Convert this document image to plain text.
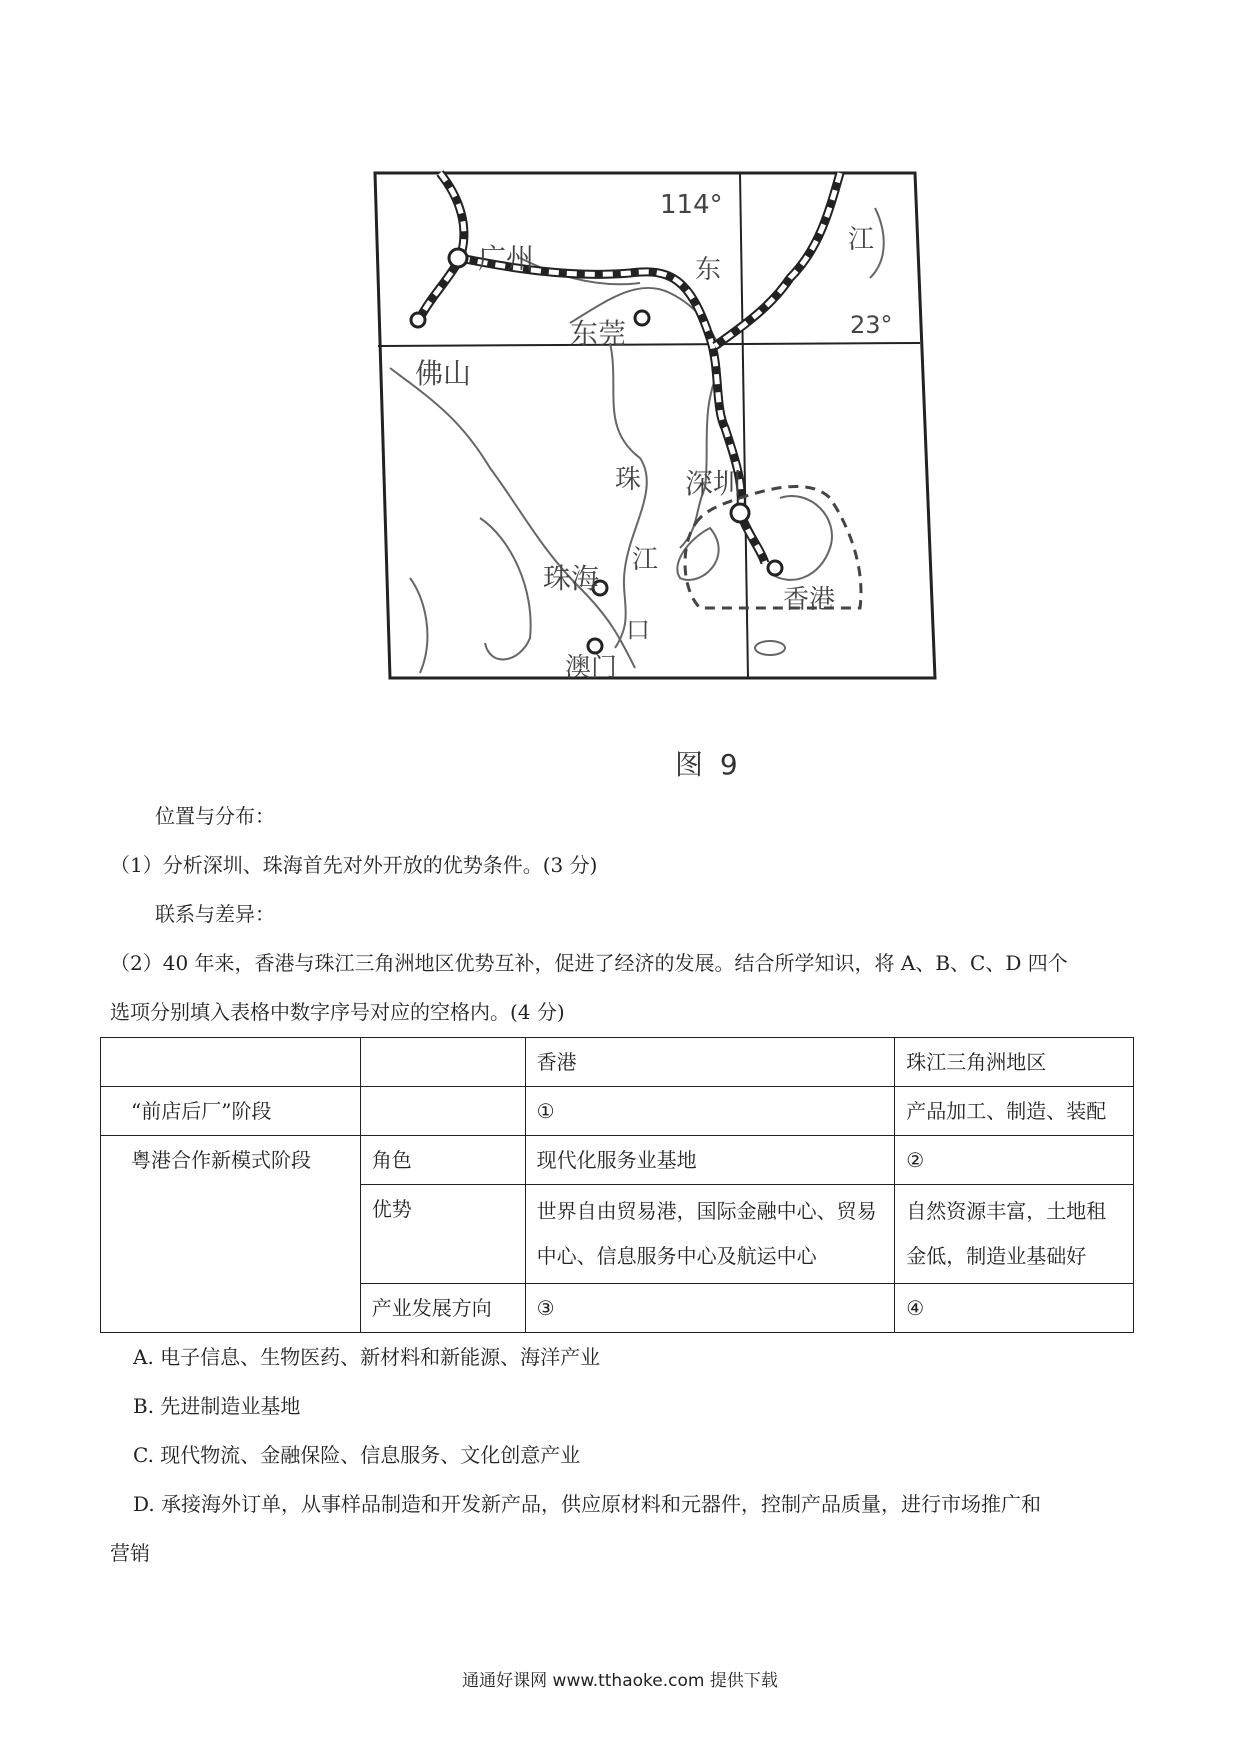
114°
23°
广州
佛山
东莞
深圳
珠海
香港
澳门
珠
江
口
东
江
图 9
位置与分布：
（1）分析深圳、珠海首先对外开放的优势条件。(3 分)
联系与差异：
（2）40 年来，香港与珠江三角洲地区优势互补，促进了经济的发展。结合所学知识，将 A、B、C、D 四个
选项分别填入表格中数字序号对应的空格内。(4 分)
		香港	珠江三角洲地区
“前店后厂”阶段		①	产品加工、制造、装配
粤港合作新模式阶段	角色	现代化服务业基地	②
	优势	世界自由贸易港，国际金融中心、贸易中心、信息服务中心及航运中心	自然资源丰富，土地租金低，制造业基础好
	产业发展方向	③	④
A. 电子信息、生物医药、新材料和新能源、海洋产业
B. 先进制造业基地
C. 现代物流、金融保险、信息服务、文化创意产业
D. 承接海外订单，从事样品制造和开发新产品，供应原材料和元器件，控制产品质量，进行市场推广和
营销
通通好课网 www.tthaoke.com 提供下载
